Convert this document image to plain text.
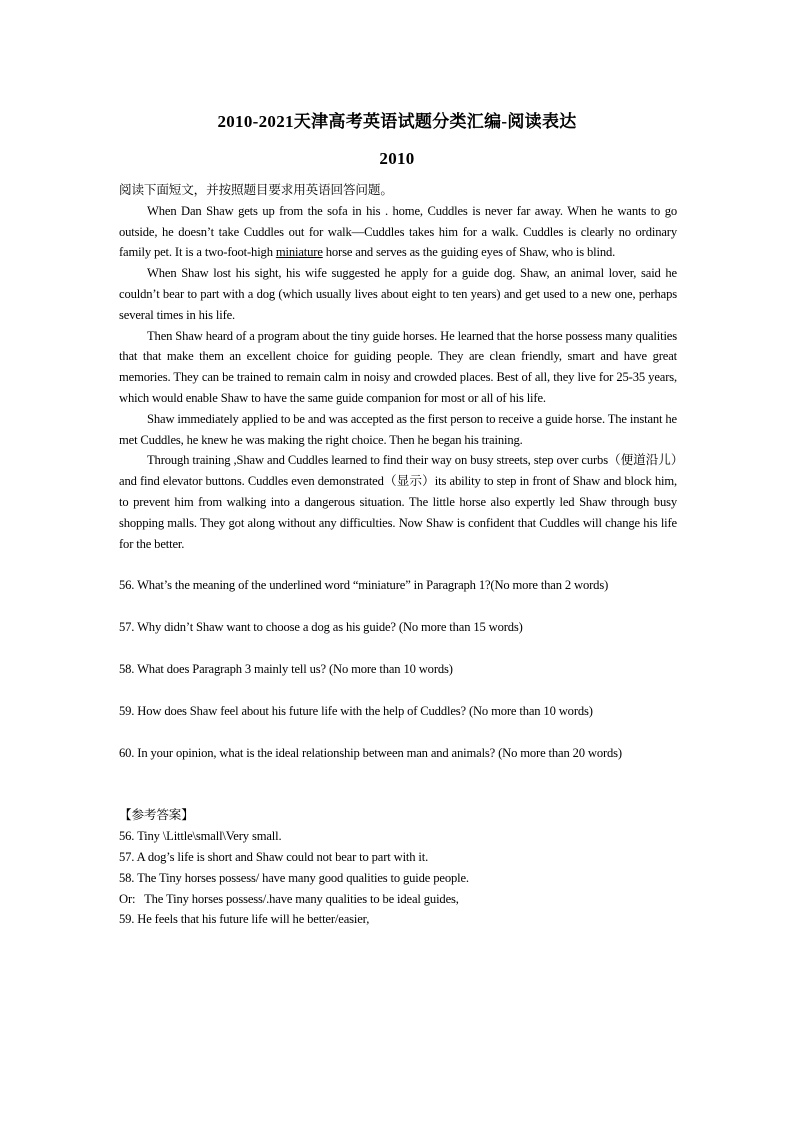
2010-2021天津高考英语试题分类汇编-阅读表达
2010

阅读下面短文，并按照题目要求用英语回答问题。

When Dan Shaw gets up from the sofa in his . home, Cuddles is never far away. When he wants to go outside, he doesn’t take Cuddles out for walk—Cuddles takes him for a walk. Cuddles is clearly no ordinary family pet. It is a two-foot-high miniature horse and serves as the guiding eyes of Shaw, who is blind.

When Shaw lost his sight, his wife suggested he apply for a guide dog. Shaw, an animal lover, said he couldn’t bear to part with a dog (which usually lives about eight to ten years) and get used to a new one, perhaps several times in his life.

Then Shaw heard of a program about the tiny guide horses. He learned that the horse possess many qualities that that make them an excellent choice for guiding people. They are clean friendly, smart and have great memories. They can be trained to remain calm in noisy and crowded places. Best of all, they live for 25-35 years, which would enable Shaw to have the same guide companion for most or all of his life.

Shaw immediately applied to be and was accepted as the first person to receive a guide horse. The instant he met Cuddles, he knew he was making the right choice. Then he began his training.

Through training ,Shaw and Cuddles learned to find their way on busy streets, step over curbs（便道沿儿）and find elevator buttons. Cuddles even demonstrated（显示）its ability to step in front of Shaw and block him, to prevent him from walking into a dangerous situation. The little horse also expertly led Shaw through busy shopping malls. They got along without any difficulties. Now Shaw is confident that Cuddles will change his life for the better.

56. What’s the meaning of the underlined word “miniature” in Paragraph 1?(No more than 2 words)

57. Why didn’t Shaw want to choose a dog as his guide? (No more than 15 words)

58. What does Paragraph 3 mainly tell us? (No more than 10 words)

59. How does Shaw feel about his future life with the help of Cuddles? (No more than 10 words)

60. In your opinion, what is the ideal relationship between man and animals? (No more than 20 words)

【参考答案】

56. Tiny \Little\small\Very small.

57. A dog’s life is short and Shaw could not bear to part with it.

58. The Tiny horses possess/ have many good qualities to guide people.

Or:   The Tiny horses possess/.have many qualities to be ideal guides,

59. He feels that his future life will he better/easier,
